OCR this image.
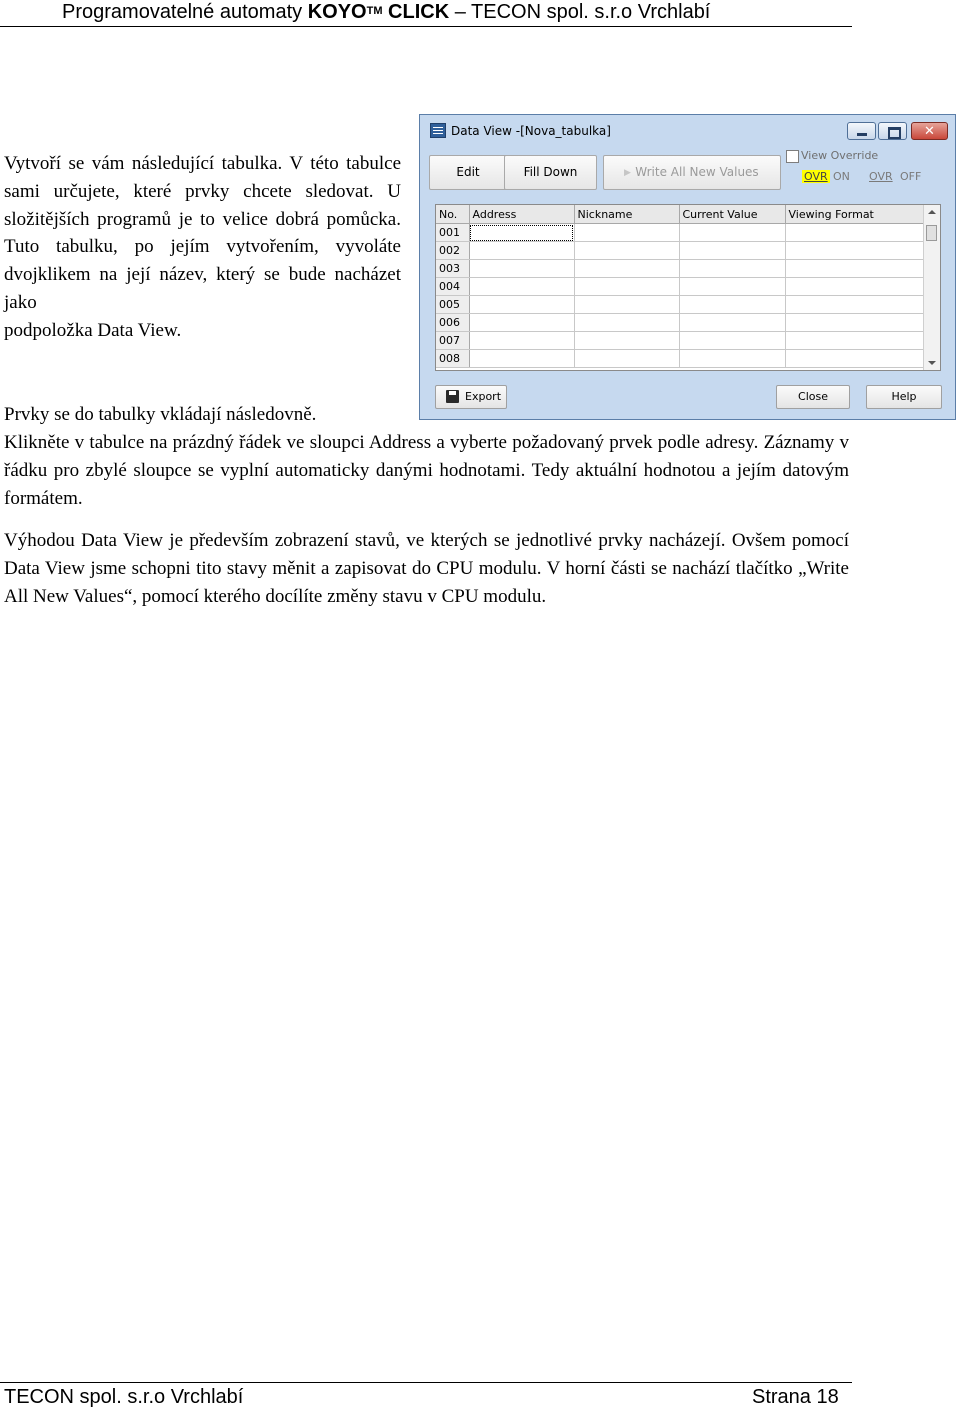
Programovatelné automaty KOYO™ CLICK – TECON spol. s.r.o Vrchlabí

Vytvoří se vám následující tabulka. V této tabulce sami určujete, které prvky chcete sledovat. U složitějších programů je to velice dobrá pomůcka. Tuto tabulku, po jejím vytvořením, vyvoláte dvojklikem na její název, který se bude nacházet jako
podpoložka Data View.

Data View -[Nova_tabulka]	✕
Edit	Fill Down	▶ Write All New Values
View Override
OVR ON OVR OFF
No.	Address	Nickname	Current Value	Viewing Format
001				
002				
003				
004				
005				
006				
007				
008				
Export	Close	Help

Prvky se do tabulky vkládají následovně.

Klikněte v tabulce na prázdný řádek ve sloupci Address a vyberte požadovaný prvek podle adresy. Záznamy v řádku pro zbylé sloupce se vyplní automaticky danými hodnotami. Tedy aktuální hodnotou a jejím datovým formátem.

Výhodou Data View je především zobrazení stavů, ve kterých se jednotlivé prvky nacházejí. Ovšem pomocí Data View jsme schopni tito stavy měnit a zapisovat do CPU modulu. V horní části se nachází tlačítko „Write All New Values“, pomocí kterého docílíte změny stavu v CPU modulu.

TECON spol. s.r.o Vrchlabí	Strana 18
